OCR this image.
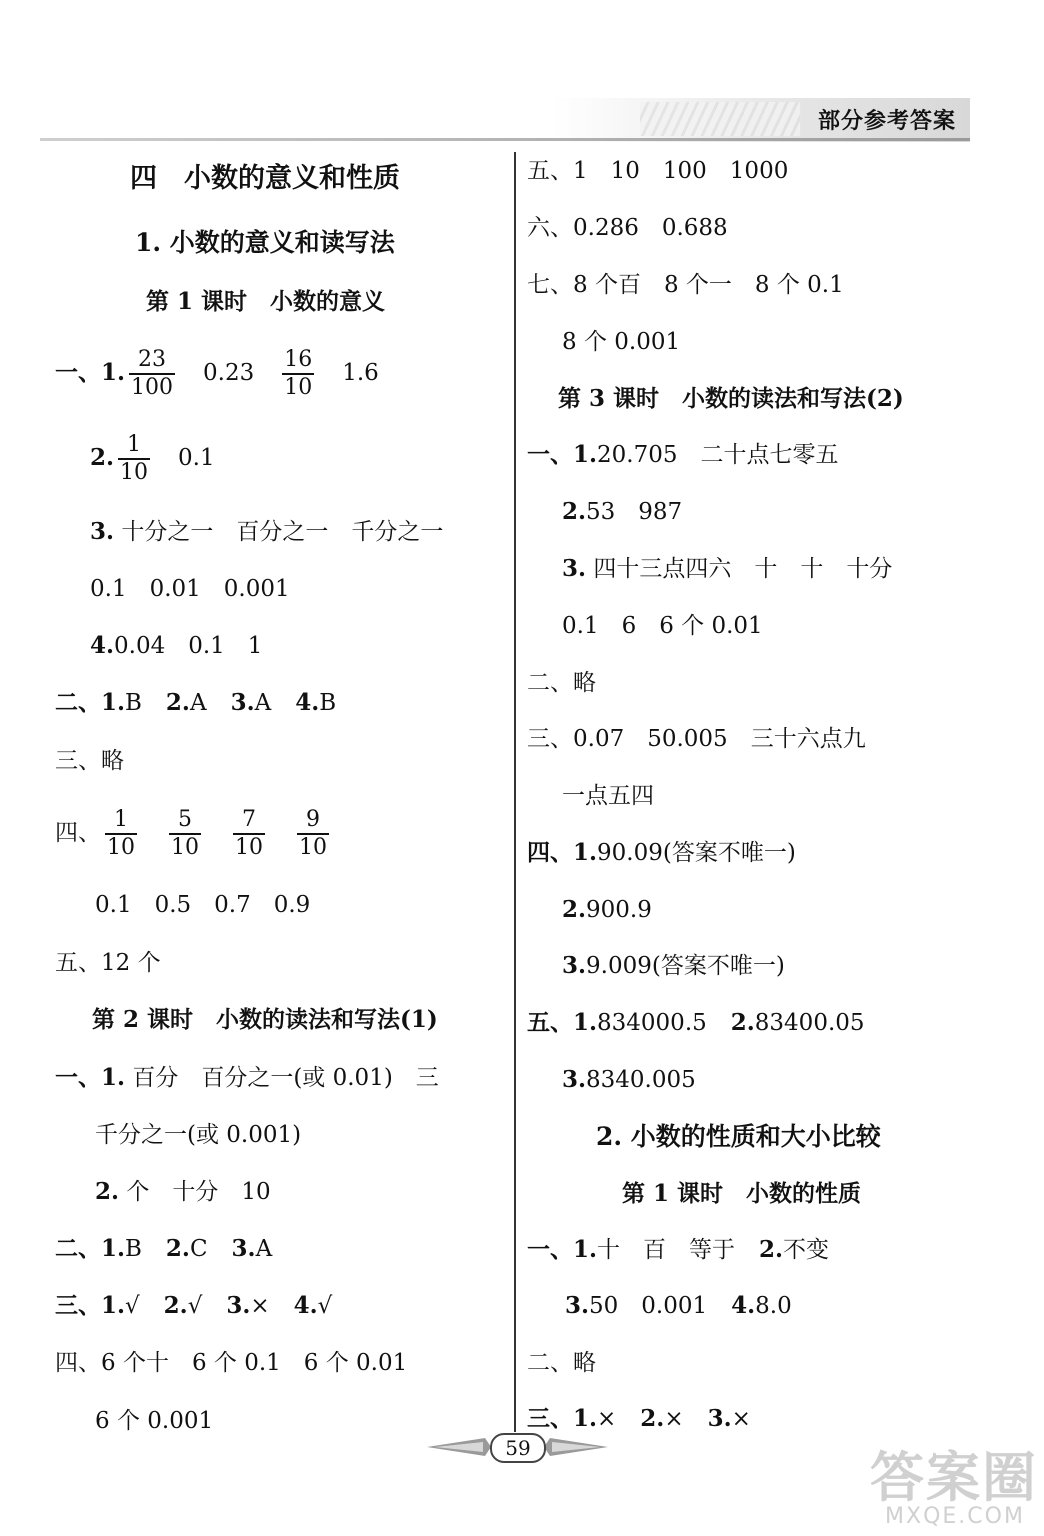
部分参考答案
四　小数的意义和性质
1. 小数的意义和读写法
第 1 课时　小数的意义
一、1. $\frac{23}{100} 0.23 \frac{16}{10} 1.6$
2. $\frac{1}{10} 0.1$
3. 十分之一　百分之一　千分之一
0.1　0.01　0.001
4.0.04　0.1　1
二、1.B 2.A 3.A 4.B
三、略
四、 $\frac{1}{10} \frac{5}{10} \frac{7}{10} \frac{9}{10}$
0.1　0.5　0.7　0.9
五、12 个
第 2 课时　小数的读法和写法(1)
一、1. 百分　百分之一(或 0.01)　三
千分之一(或 0.001)
2. 个　十分　10
二、1.B 2.C 3.A
三、1.√ 2.√ 3.× 4.√
四、6 个十　6 个 0.1　6 个 0.01
6 个 0.001
五、1　10　100　1000
六、0.286　0.688
七、8 个百　8 个一　8 个 0.1
8 个 0.001
第 3 课时　小数的读法和写法(2)
一、1.20.705　二十点七零五
2.53　987
3. 四十三点四六　十　十　十分
0.1　6　6 个 0.01
二、略
三、0.07　50.005　三十六点九
一点五四
四、1.90.09(答案不唯一)
2.900.9
3.9.009(答案不唯一)
五、1.834000.5 2.83400.05
3.8340.005
2. 小数的性质和大小比较
第 1 课时　小数的性质
一、1.十　百　等于 2.不变
3.50　0.001 4.8.0
二、略
三、1.× 2.× 3.×
59	答案圈
MXQE.COM
